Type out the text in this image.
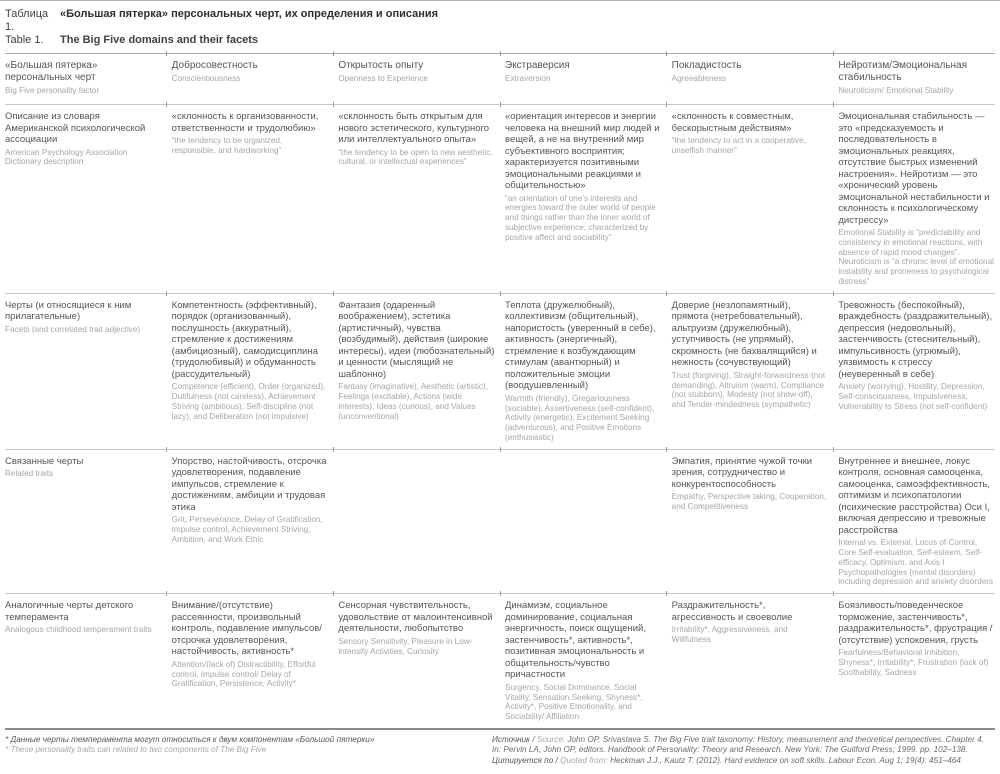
Таблица 1.
«Большая пятерка» персональных черт, их определения и описания
Table 1.	The Big Five domains and their facets
«Большая пятерка» персональных черт
Big Five personality factor
Добросовестность
Conscientiousness
Открытость опыту
Openness to Experience
Экстраверсия
Extraversion
Покладистость
Agreeableness
Нейротизм/Эмоциональная стабильность
Neuroticism/ Emotional Stability
Описание из словаря Американской психологической ассоциации
American Psychology Association Dictionary description
«склонность к организованности, ответственности и трудолюбию»
“the tendency to be organized, responsible, and hardworking”
«склонность быть открытым для нового эстетического, культурного или интеллектуального опыта»
“the tendency to be open to new aesthetic, cultural, or intellectual experiences”
«ориентация интересов и энергии человека на внешний мир людей и вещей, а не на внутренний мир субъективного восприятия; характеризуется позитивными эмоциональными реакциями и общительностью»
“an orientation of one’s interests and energies toward the outer world of people and things rather than the inner world of subjective experience; characterized by positive affect and sociability”
«склонность к совместным, бескорыстным действиям»
“the tendency to act in a cooperative, unselfish manner”
Эмоциональная стабильность — это «предсказуемость и последовательность в эмоциональных реакциях, отсутствие быстрых изменений настроения». Нейротизм — это «хронический уровень эмоциональной нестабильности и склонность к психологическому дистрессу»
Emotional Stability is “predictability and consistency in emotional reactions, with absence of rapid mood changes”. Neuroticism is “a chronic level of emotional instability and proneness to psychological distress”
Черты (и относящиеся к ним прилагательные)
Facets (and correlated trait adjective)
Компетентность (эффективный), порядок (организованный), послушность (аккуратный), стремление к достижениям (амбициозный), самодисциплина (трудолюбивый) и обдуманность (рассудительный)
Competence (efficient), Order (organized), Dutifulness (not careless), Achievement Striving (ambitious), Self-discipline (not lazy), and Deliberation (not impulsive)
Фантазия (одаренный воображением), эстетика (артистичный), чувства (возбудимый), действия (широкие интересы), идеи (любознательный) и ценности (мыслящий не шаблонно)
Fantasy (imaginative), Aesthetic (artistic), Feelings (excitable), Actions (wide interests), Ideas (curious), and Values (unconventional)
Теплота (дружелюбный), коллективизм (общительный), напористость (уверенный в себе), активность (энергичный), стремление к возбуждающим стимулам (авантюрный) и положительные эмоции (воодушевленный)
Warmth (friendly), Gregariousness (sociable), Assertiveness (self-confident), Activity (energetic), Excitement Seeking (adventurous), and Positive Emotions (enthusiastic)
Доверие (незлопамятный), прямота (нетребовательный), альтруизм (дружелюбный), уступчивость (не упрямый), скромность (не бахвалящийся) и нежность (сочувствующий)
Trust (forgiving), Straight-forwardness (not demanding), Altruism (warm), Compliance (not stubborn), Modesty (not show-off), and Tender-mindedness (sympathetic)
Тревожность (беспокойный), враждебность (раздражительный), депрессия (недовольный), застенчивость (стеснительный), импульсивность (угрюмый), уязвимость к стрессу (неуверенный в себе)
Anxiety (worrying), Hostility, Depression, Self-consciousness, Impulsiveness, Vulnerability to Stress (not self-confident)
Связанные черты
Related traits
Упорство, настойчивость, отсрочка удовлетворения, подавление импульсов, стремление к достижениям, амбиции и трудовая этика
Grit, Perseverance, Delay of Gratification, Impulse control, Achievement Striving, Ambition, and Work Ethic
Эмпатия, принятие чужой точки зрения, сотрудничество и конкурентоспособность
Empathy, Perspective taking, Cooperation, and Competitiveness
Внутреннее и внешнее, локус контроля, основная самооценка, самооценка, самоэффективность, оптимизм и психопатологии (психические расстройства) Оси I, включая депрессию и тревожные расстройства
Internal vs. External, Locus of Control, Core Self-evaluation, Self-esteem, Self-efficacy, Optimism, and Axis I Psychopathologies (mental disorders) including depression and anxiety disorders
Аналогичные черты детского темперамента
Analogous childhood temperament traits
Внимание/(отсутствие) рассеянности, произвольный контроль, подавление импульсов/отсрочка удовлетворения, настойчивость, активность*
Attention/(lack of) Distractibility, Effortful control, Impulse control/ Delay of Gratification, Persistence, Activity*
Сенсорная чувствительность, удовольствие от малоинтенсивной деятельности, любопытство
Sensory Sensitivity, Pleasure in Low-intensity Activities, Curiosity
Динамизм, социальное доминирование, социальная энергичность, поиск ощущений, застенчивость*, активность*, позитивная эмоциональность и общительность/чувство причастности
Surgency, Social Dominance, Social Vitality, Sensation Seeking, Shyness*, Activity*, Positive Emotionality, and Sociability/ Affiliation
Раздражительность*, агрессивность и своеволие
Irritability*, Aggressiveness, and Willfulness
Боязливость/поведенческое торможение, застенчивость*, раздражительность*, фрустрация / (отсутствие) успокоения, грусть
Fearfulness/Behavioral Inhibition, Shyness*, Irritability*, Frustration (lack of) Soothability, Sadness
* Данные черты темперамента могут относиться к двум компонентам «Большой пятерки»
* These personality traits can related to two components of The Big Five
Источник / Source: John OP, Srivastava S. The Big Five trait taxonomy: History, measurement and theoretical perspectives. Chapter 4. In: Pervin LA, John OP, editors. Handbook of Personality: Theory and Research. New York: The Guilford Press; 1999. pp. 102–138.
Цитируется по / Quoted from: Heckman J.J., Kautz T. (2012). Hard evidence on soft skills. Labour Econ. Aug 1; 19(4): 451–464
